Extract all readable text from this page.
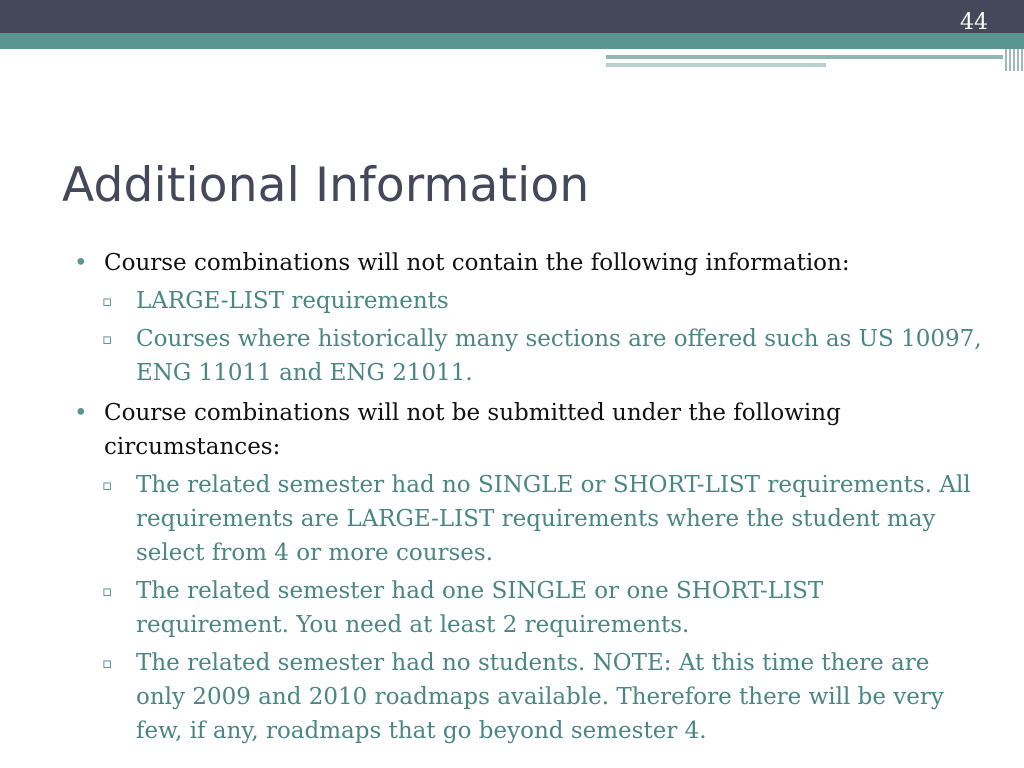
44
Additional Information
• Course combinations will not contain the following information:
▫ LARGE-LIST requirements
▫ Courses where historically many sections are offered such as US 10097, ENG 11011 and ENG 21011.
• Course combinations will not be submitted under the following circumstances:
▫ The related semester had no SINGLE or SHORT-LIST requirements. All requirements are LARGE-LIST requirements where the student may select from 4 or more courses.
▫ The related semester had one SINGLE or one SHORT-LIST requirement. You need at least 2 requirements.
▫ The related semester had no students. NOTE: At this time there are only 2009 and 2010 roadmaps available. Therefore there will be very few, if any, roadmaps that go beyond semester 4.
